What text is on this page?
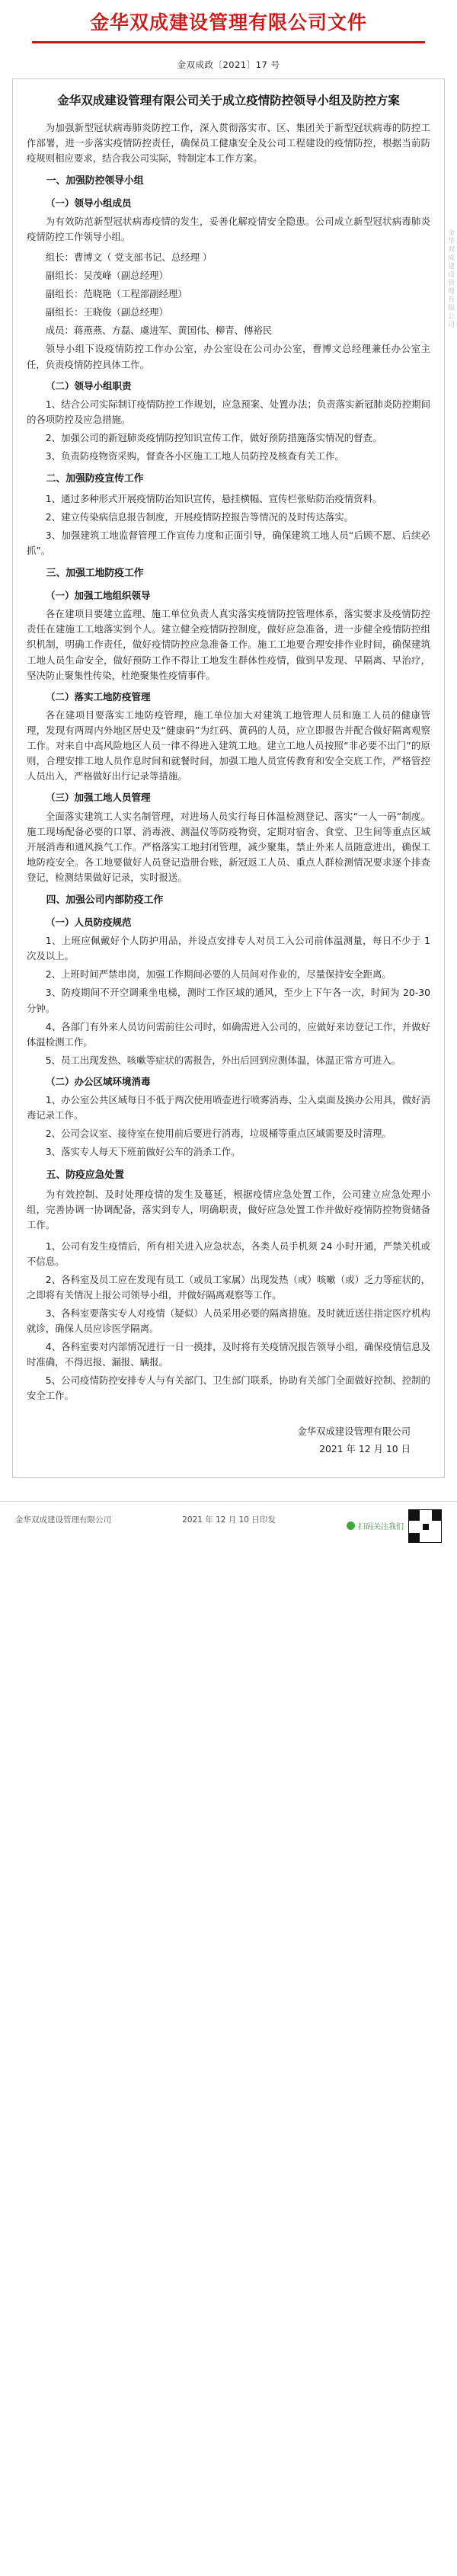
金华双成建设管理有限公司文件
金双成政〔2021〕17 号
金华双成建设管理有限公司关于成立疫情防控领导小组及防控方案

为加强新型冠状病毒肺炎防控工作，深入贯彻落实市、区、集团关于新型冠状病毒的防控工作部署，进一步落实疫情防控责任，确保员工健康安全及公司工程建设的疫情防控，根据当前防疫规则相应要求，结合我公司实际，特制定本工作方案。

一、加强防控领导小组

（一）领导小组成员

为有效防范新型冠状病毒疫情的发生，妥善化解疫情安全隐患。公司成立新型冠状病毒肺炎疫情防控工作领导小组。

组长：曹博文（ 党支部书记、总经理 ）

副组长：吴茂峰（副总经理）

副组长：范晓艳（工程部副经理）

副组长：王晓俊（副总经理）

成员：蒋燕燕、方磊、虞进军、黄国伟、柳青、傅裕民

领导小组下设疫情防控工作办公室，办公室设在公司办公室，曹博文总经理兼任办公室主任，负责疫情防控具体工作。

（二）领导小组职责

1、结合公司实际制订疫情防控工作规划，应急预案、处置办法；负责落实新冠肺炎防控期间的各项防控及应急措施。

2、加强公司的新冠肺炎疫情防控知识宣传工作，做好预防措施落实情况的督查。

3、负责防疫物资采购，督查各小区施工工地人员防控及核查有关工作。

二、加强防疫宣传工作

1、通过多种形式开展疫情防治知识宣传，悬挂横幅、宣传栏张贴防治疫情资料。

2、建立传染病信息报告制度，开展疫情防控报告等情况的及时传达落实。

3、加强建筑工地监督管理工作宣传力度和正面引导，确保建筑工地人员“后顾不愿、后续必抓”。

三、加强工地防疫工作

（一）加强工地组织领导

各在建项目要建立监理、施工单位负责人真实落实疫情防控管理体系，落实要求及疫情防控责任在建施工工地落实到个人。建立健全疫情防控制度，做好应急准备，进一步健全疫情防控组织机制，明确工作责任，做好疫情防控应急准备工作。施工工地要合理安排作业时间，确保建筑工地人员生命安全，做好预防工作不得让工地发生群体性疫情，做到早发现、早隔离、早治疗，坚决防止聚集性传染，杜绝聚集性疫情事件。

（二）落实工地防疫管理

各在建项目要落实工地防疫管理，施工单位加大对建筑工地管理人员和施工人员的健康管理，发现有两周内外地区居史及“健康码”为红码、黄码的人员，应立即报告并配合做好隔离观察工作。对来自中高风险地区人员一律不得进入建筑工地。建立工地人员按照“非必要不出门”的原则，合理安排工地人员作息时间和就餐时间，加强工地人员宣传教育和安全交底工作，严格管控人员出入，严格做好出行记录等措施。

（三）加强工地人员管理

全面落实建筑工人实名制管理，对进场人员实行每日体温检测登记、落实“一人一码”制度。施工现场配备必要的口罩、消毒液、测温仪等防疫物资，定期对宿舍、食堂、卫生间等重点区域开展消毒和通风换气工作。严格落实工地封闭管理，减少聚集，禁止外来人员随意进出，确保工地防疫安全。各工地要做好人员登记造册台账，新冠返工人员、重点人群检测情况要求逐个排查登记，检测结果做好记录，实时报送。

四、加强公司内部防疫工作

（一）人员防疫规范

1、上班应佩戴好个人防护用品，并设点安排专人对员工入公司前体温测量，每日不少于 1 次及以上。

2、上班时间严禁串岗，加强工作期间必要的人员间对作业的，尽量保持安全距离。

3、防疫期间不开空调乘坐电梯，测时工作区域的通风，至少上下午各一次，时间为 20-30 分钟。

4、各部门有外来人员访问需前往公司时，如确需进入公司的，应做好来访登记工作，并做好体温检测工作。

5、员工出现发热、咳嗽等症状的需报告，外出后回到应测体温，体温正常方可进入。

（二）办公区域环境消毒

1、办公室公共区域每日不低于两次使用喷壶进行喷雾消毒、尘入桌面及换办公用具，做好消毒记录工作。

2、公司会议室、接待室在使用前后要进行消毒，垃圾桶等重点区域需要及时清理。

3、落实专人每天下班前做好公车的消杀工作。

五、防疫应急处置

为有效控制、及时处理疫情的发生及蔓延，根据疫情应急处置工作，公司建立应急处理小组，完善协调一协调配备，落实到专人，明确职责，做好应急处置工作并做好疫情防控物资储备工作。

1、公司有发生疫情后，所有相关进入应急状态，各类人员手机须 24 小时开通，严禁关机或不信息。

2、各科室及员工应在发现有员工（或员工家属）出现发热（或）咳嗽（或）乏力等症状的，之即将有关情况上报公司领导小组，并做好隔离观察等工作。

3、各科室要落实专人对疫情（疑似）人员采用必要的隔离措施。及时就近送往指定医疗机构就诊，确保人员应诊医学隔离。

4、各科室要对内部情况进行一日一摸排，及时将有关疫情况报告领导小组，确保疫情信息及时准确，不得迟报、漏报、瞒报。

5、公司疫情防控安排专人与有关部门、卫生部门联系，协助有关部门全面做好控制、控制的安全工作。

金华双成建设管理有限公司
2021 年 12 月 10 日
金华双成建设管理有限公司
金华双成建设管理有限公司	2021 年 12 月 10 日印发
扫码关注我们
